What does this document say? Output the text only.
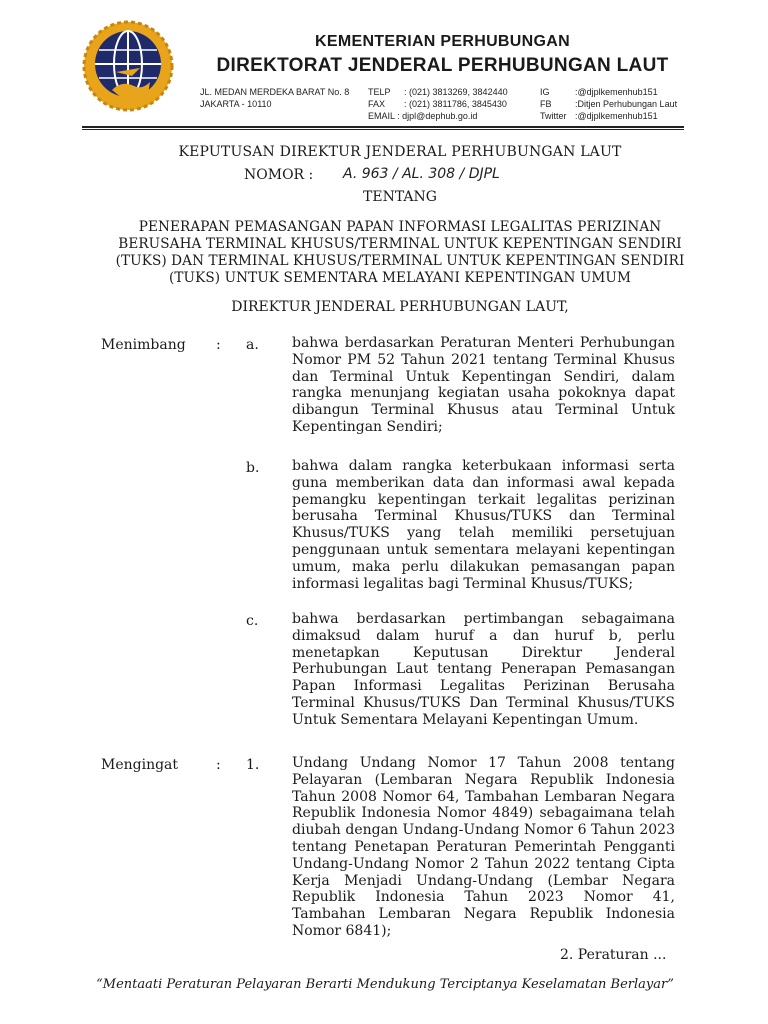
KEMENTERIAN PERHUBUNGAN
DIREKTORAT JENDERAL PERHUBUNGAN LAUT
JL. MEDAN MERDEKA BARAT No. 8
JAKARTA - 10110
TELP : (021) 3813269, 3842440
FAX : (021) 3811786, 3845430
EMAIL : djpl@dephub.go.id
IG	:@djplkemenhub151
FB	:Ditjen Perhubungan Laut
Twitter :@djplkemenhub151
KEPUTUSAN DIREKTUR JENDERAL PERHUBUNGAN LAUT
NOMOR : A. 963 / AL. 308 / DJPL
TENTANG
PENERAPAN PEMASANGAN PAPAN INFORMASI LEGALITAS PERIZINAN BERUSAHA TERMINAL KHUSUS/TERMINAL UNTUK KEPENTINGAN SENDIRI (TUKS) DAN TERMINAL KHUSUS/TERMINAL UNTUK KEPENTINGAN SENDIRI (TUKS) UNTUK SEMENTARA MELAYANI KEPENTINGAN UMUM
DIREKTUR JENDERAL PERHUBUNGAN LAUT,
Menimbang : a. bahwa berdasarkan Peraturan Menteri Perhubungan Nomor PM 52 Tahun 2021 tentang Terminal Khusus dan Terminal Untuk Kepentingan Sendiri, dalam rangka menunjang kegiatan usaha pokoknya dapat dibangun Terminal Khusus atau Terminal Untuk Kepentingan Sendiri;
b. bahwa dalam rangka keterbukaan informasi serta guna memberikan data dan informasi awal kepada pemangku kepentingan terkait legalitas perizinan berusaha Terminal Khusus/TUKS dan Terminal Khusus/TUKS yang telah memiliki persetujuan penggunaan untuk sementara melayani kepentingan umum, maka perlu dilakukan pemasangan papan informasi legalitas bagi Terminal Khusus/TUKS;
c. bahwa berdasarkan pertimbangan sebagaimana dimaksud dalam huruf a dan huruf b, perlu menetapkan Keputusan Direktur Jenderal Perhubungan Laut tentang Penerapan Pemasangan Papan Informasi Legalitas Perizinan Berusaha Terminal Khusus/TUKS Dan Terminal Khusus/TUKS Untuk Sementara Melayani Kepentingan Umum.
Mengingat	: 1. Undang Undang Nomor 17 Tahun 2008 tentang Pelayaran (Lembaran Negara Republik Indonesia Tahun 2008 Nomor 64, Tambahan Lembaran Negara Republik Indonesia Nomor 4849) sebagaimana telah diubah dengan Undang-Undang Nomor 6 Tahun 2023 tentang Penetapan Peraturan Pemerintah Pengganti Undang-Undang Nomor 2 Tahun 2022 tentang Cipta Kerja Menjadi Undang-Undang (Lembar Negara Republik Indonesia Tahun 2023 Nomor 41, Tambahan Lembaran Negara Republik Indonesia Nomor 6841);
2. Peraturan ...
“Mentaati Peraturan Pelayaran Berarti Mendukung Terciptanya Keselamatan Berlayar”
